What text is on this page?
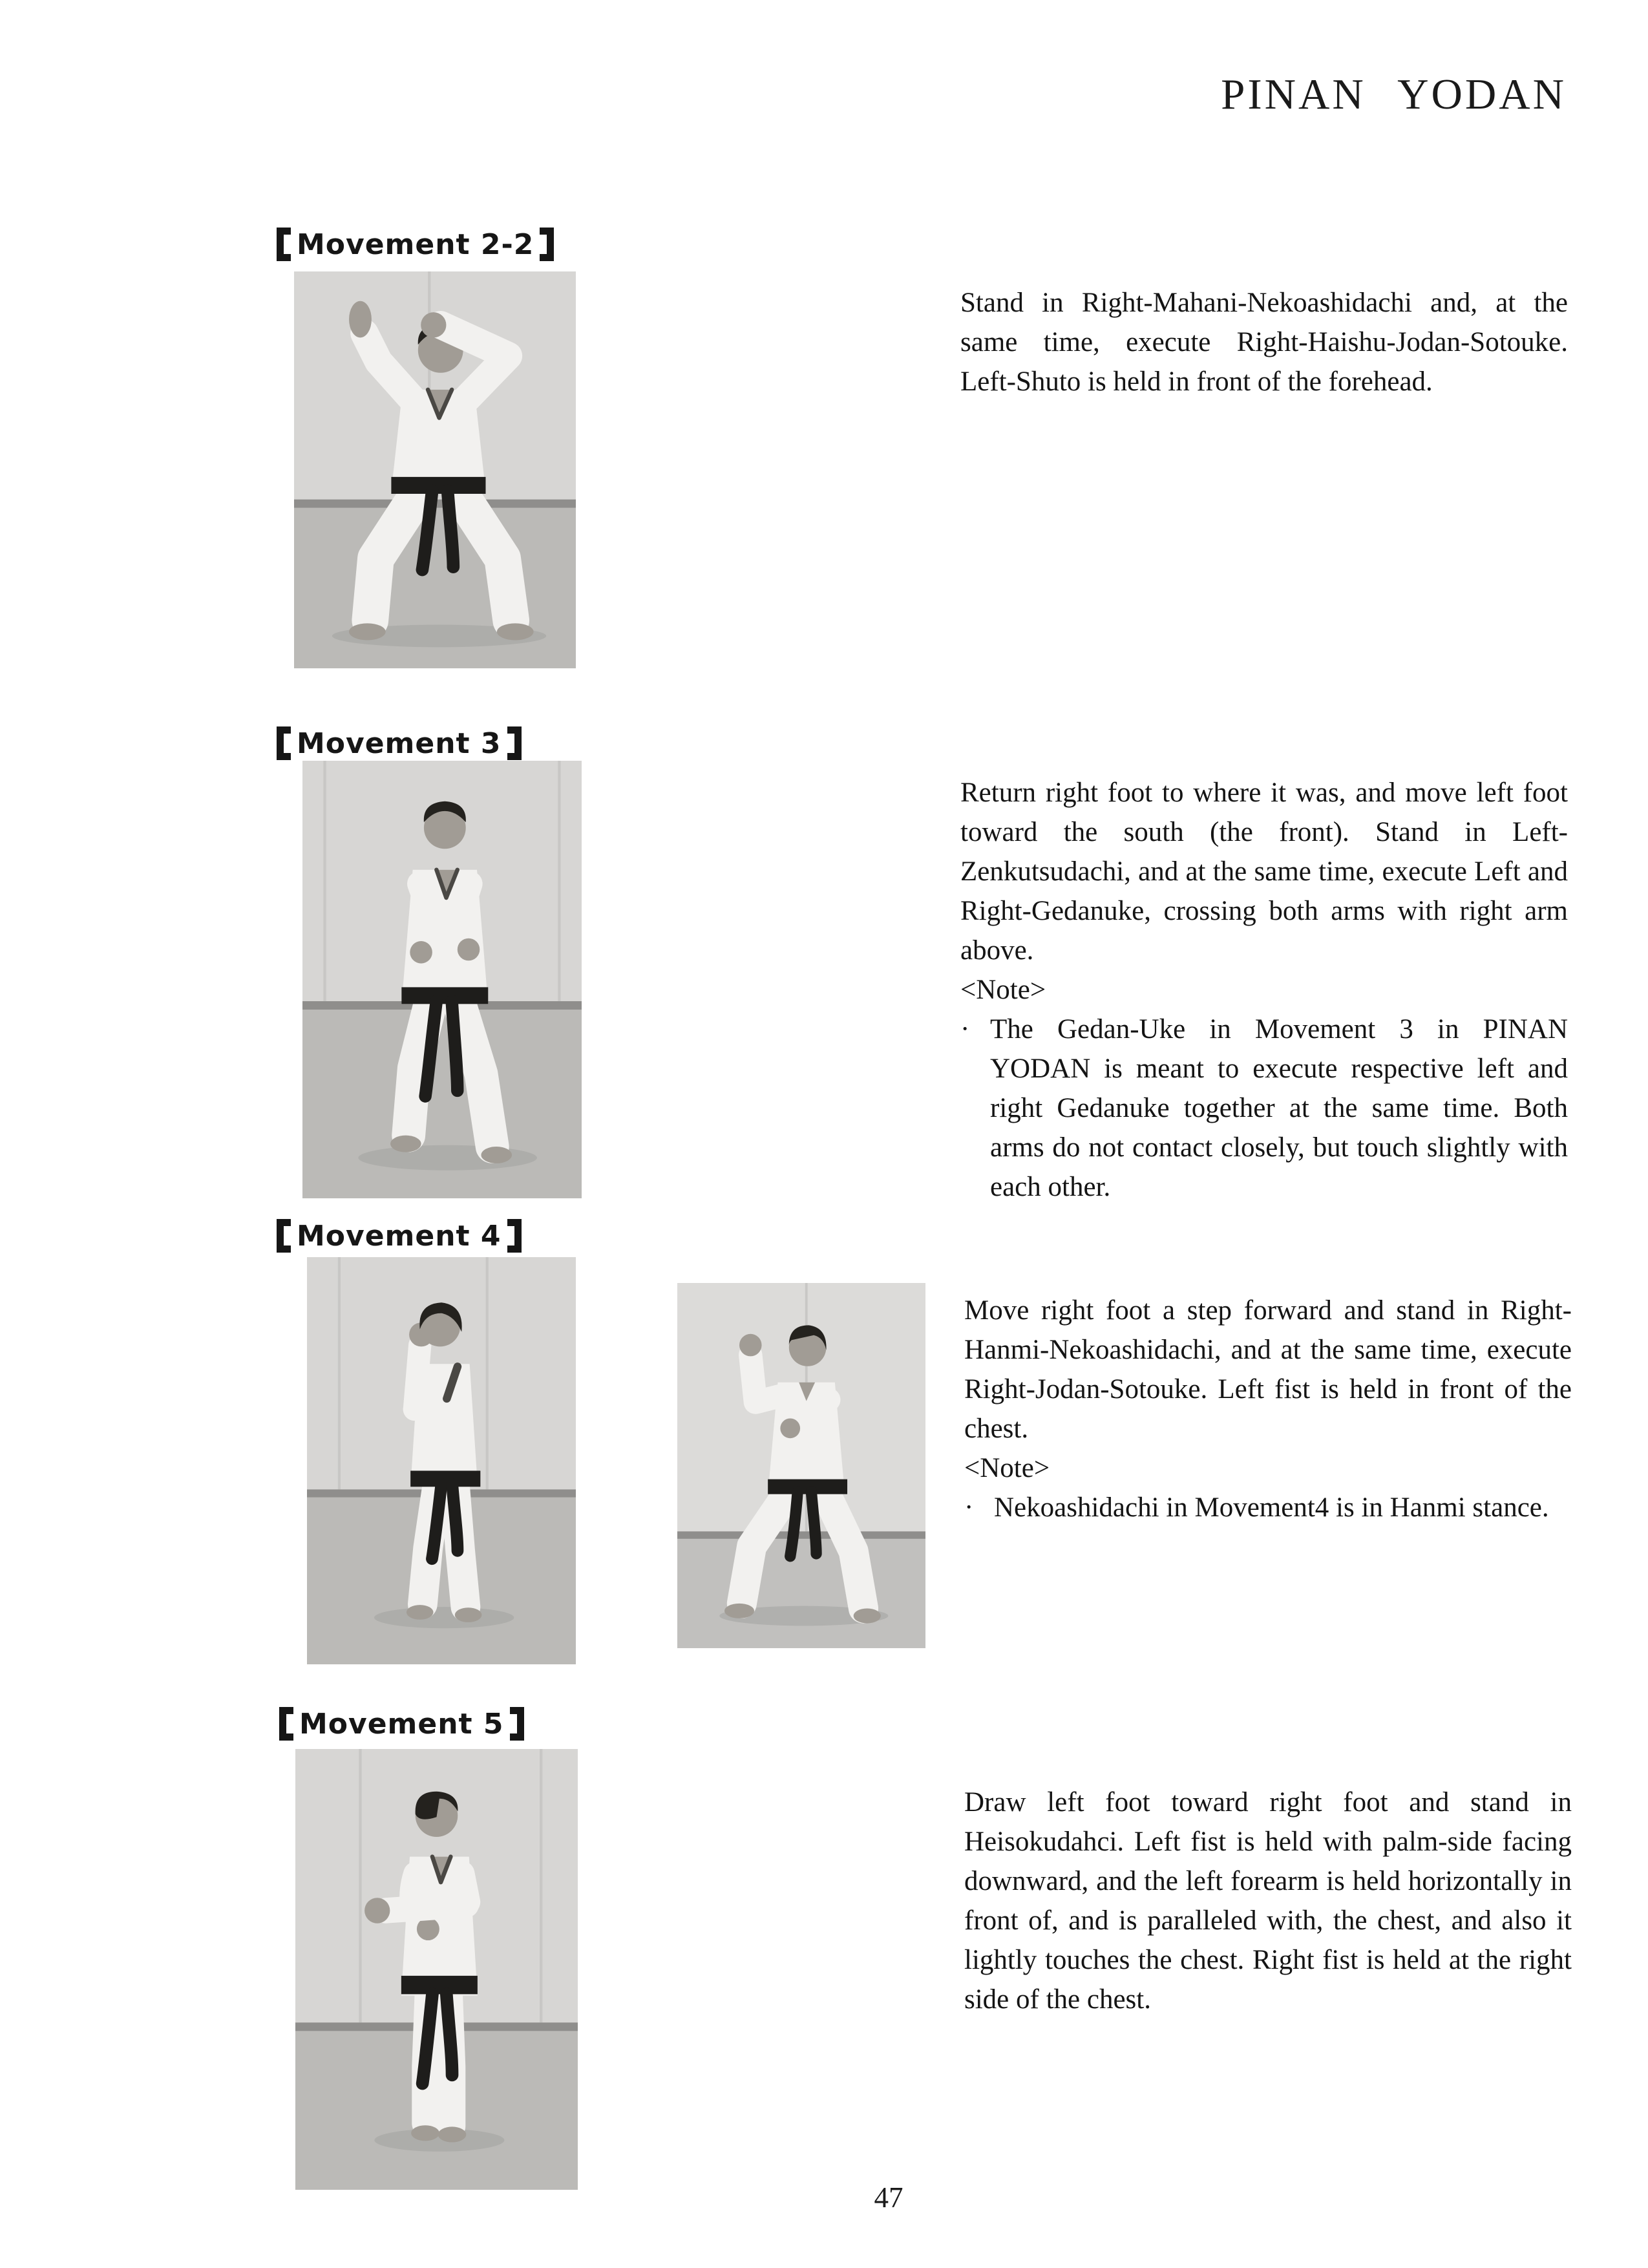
PINAN YODAN
Movement 2-2
Stand in Right-Mahani-Nekoashidachi and, at the same time, execute Right-Haishu-Jodan-Sotouke. Left-Shuto is held in front of the forehead.
Movement 3
Return right foot to where it was, and move left foot toward the south (the front). Stand in Left-Zenkutsudachi, and at the same time, execute Left and Right-Gedanuke, crossing both arms with right arm above.
<Note>
· The Gedan-Uke in Movement 3 in PINAN YODAN is meant to execute respective left and right Gedanuke together at the same time. Both arms do not contact closely, but touch slightly with each other.
Movement 4
Move right foot a step forward and stand in Right-Hanmi-Nekoashidachi, and at the same time, execute Right-Jodan-Sotouke. Left fist is held in front of the chest.
<Note>
· Nekoashidachi in Movement4 is in Hanmi stance.
Movement 5
Draw left foot toward right foot and stand in Heisokudahci. Left fist is held with palm-side facing downward, and the left forearm is held horizontally in front of, and is paralleled with, the chest, and also it lightly touches the chest. Right fist is held at the right side of the chest.
47
